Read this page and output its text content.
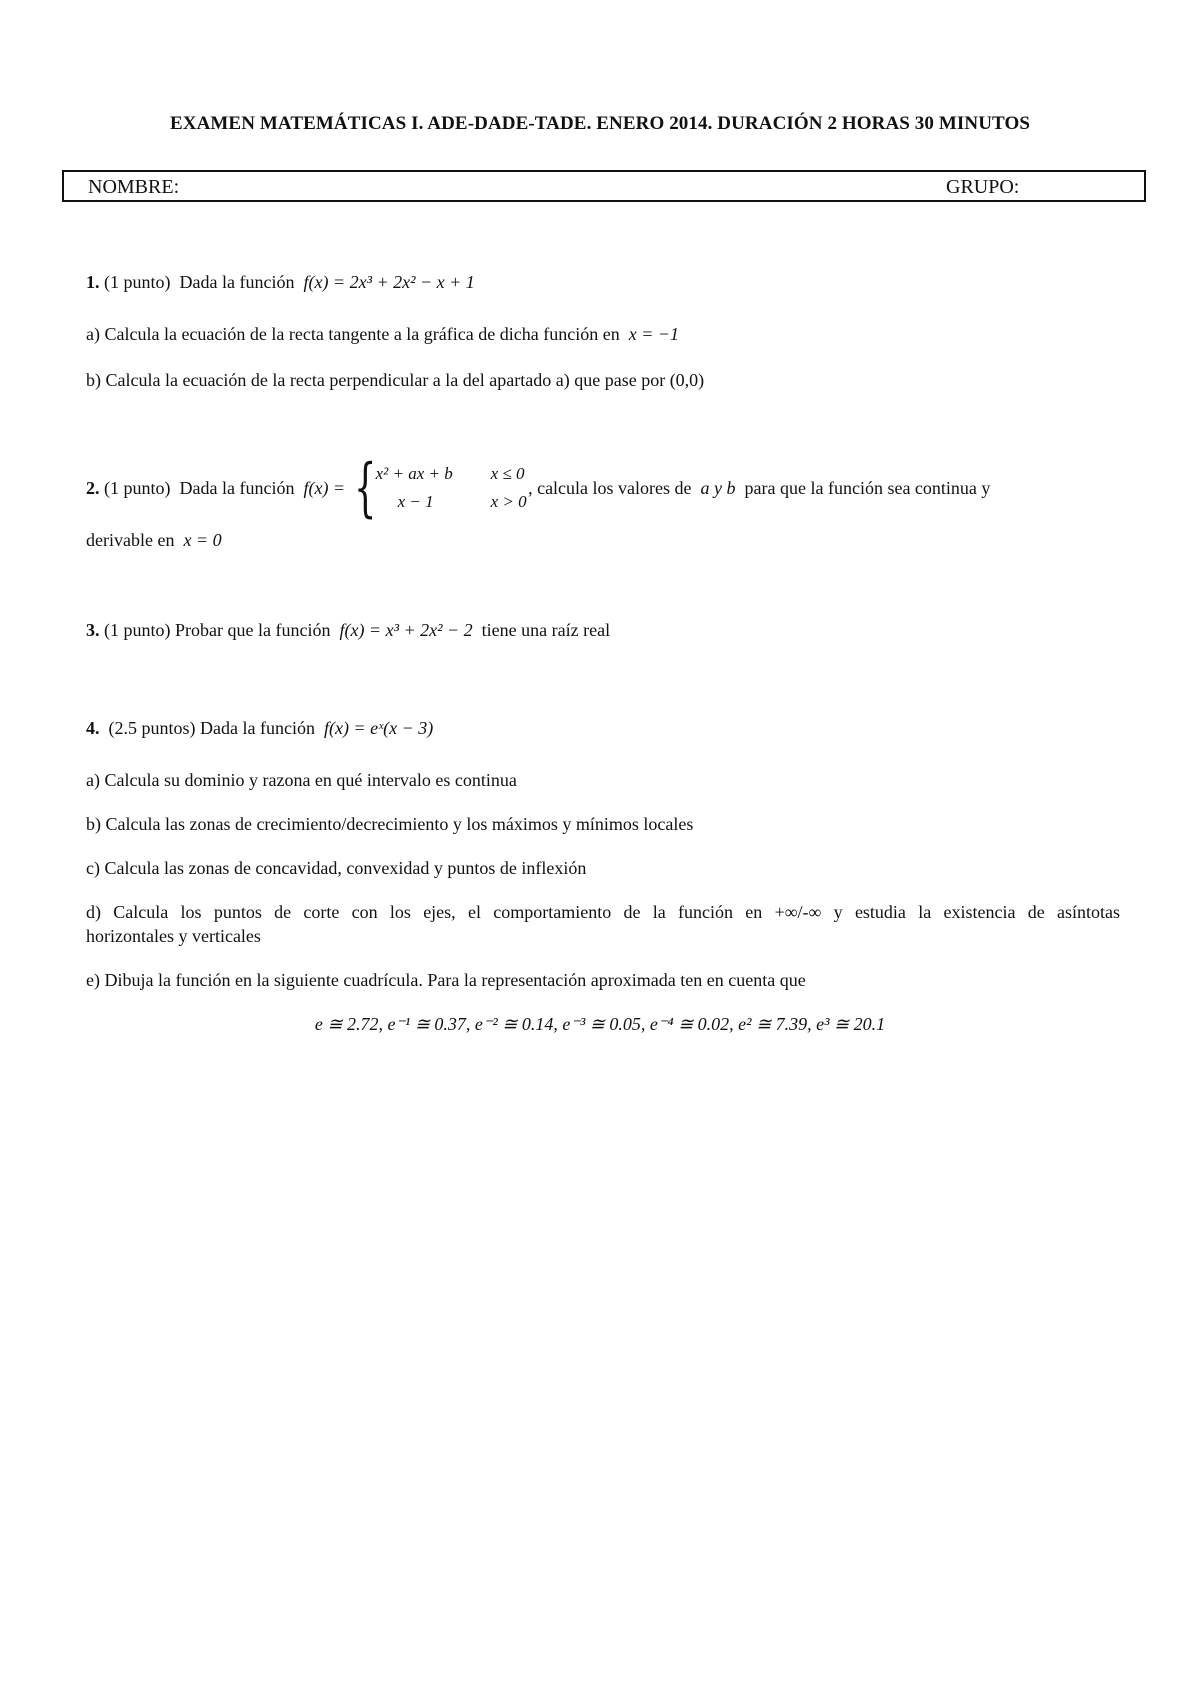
EXAMEN MATEMÁTICAS I. ADE-DADE-TADE. ENERO 2014. DURACIÓN 2 HORAS 30 MINUTOS
NOMBRE:	GRUPO:
1. (1 punto) Dada la función f(x) = 2x³ + 2x² − x + 1
a) Calcula la ecuación de la recta tangente a la gráfica de dicha función en x = −1
b) Calcula la ecuación de la recta perpendicular a la del apartado a) que pase por (0,0)
2. (1 punto) Dada la función f(x) = { x² + ax + b x ≤ 0
x − 1	x > 0
, calcula los valores de a y b para que la función sea continua y
derivable en x = 0
3. (1 punto) Probar que la función f(x) = x³ + 2x² − 2 tiene una raíz real
4. (2.5 puntos) Dada la función f(x) = eˣ(x − 3)
a) Calcula su dominio y razona en qué intervalo es continua
b) Calcula las zonas de crecimiento/decrecimiento y los máximos y mínimos locales
c) Calcula las zonas de concavidad, convexidad y puntos de inflexión
d) Calcula los puntos de corte con los ejes, el comportamiento de la función en +∞/-∞ y estudia la existencia de asíntotas
horizontales y verticales
e) Dibuja la función en la siguiente cuadrícula. Para la representación aproximada ten en cuenta que
e ≅ 2.72, e⁻¹ ≅ 0.37, e⁻² ≅ 0.14, e⁻³ ≅ 0.05, e⁻⁴ ≅ 0.02, e² ≅ 7.39, e³ ≅ 20.1
